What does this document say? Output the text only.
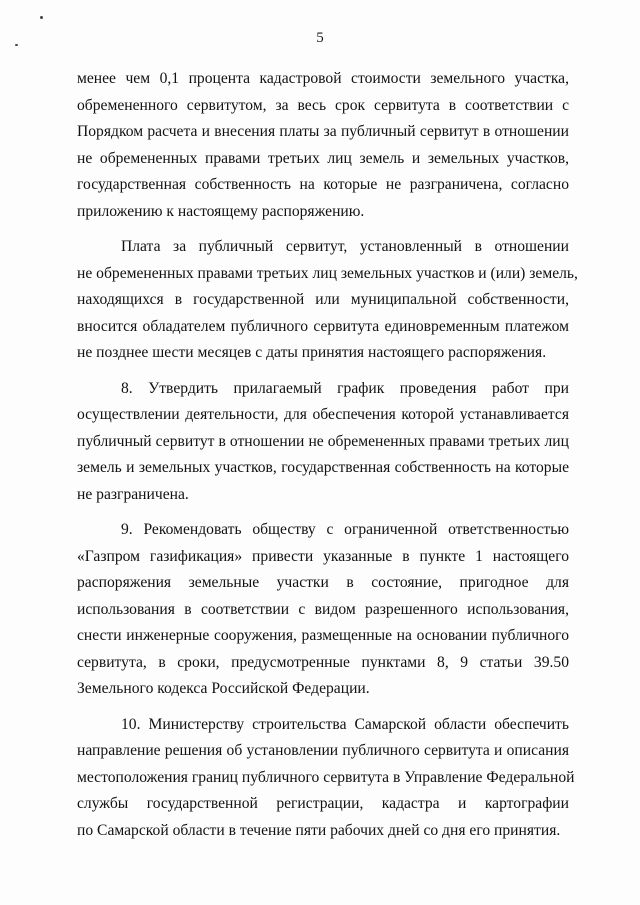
5

менее чем 0,1 процента кадастровой стоимости земельного участка,
обремененного сервитутом, за весь срок сервитута в соответствии с
Порядком расчета и внесения платы за публичный сервитут в отношении
не обремененных правами третьих лиц земель и земельных участков,
государственная собственность на которые не разграничена, согласно
приложению к настоящему распоряжению.

Плата за публичный сервитут, установленный в отношении
не обремененных правами третьих лиц земельных участков и (или) земель,
находящихся в государственной или муниципальной собственности,
вносится обладателем публичного сервитута единовременным платежом
не позднее шести месяцев с даты принятия настоящего распоряжения.

8. Утвердить прилагаемый график проведения работ при
осуществлении деятельности, для обеспечения которой устанавливается
публичный сервитут в отношении не обремененных правами третьих лиц
земель и земельных участков, государственная собственность на которые
не разграничена.

9. Рекомендовать обществу с ограниченной ответственностью
«Газпром газификация» привести указанные в пункте 1 настоящего
распоряжения земельные участки в состояние, пригодное для
использования в соответствии с видом разрешенного использования,
снести инженерные сооружения, размещенные на основании публичного
сервитута, в сроки, предусмотренные пунктами 8, 9 статьи 39.50
Земельного кодекса Российской Федерации.

10. Министерству строительства Самарской области обеспечить
направление решения об установлении публичного сервитута и описания
местоположения границ публичного сервитута в Управление Федеральной
службы государственной регистрации, кадастра и картографии
по Самарской области в течение пяти рабочих дней со дня его принятия.
